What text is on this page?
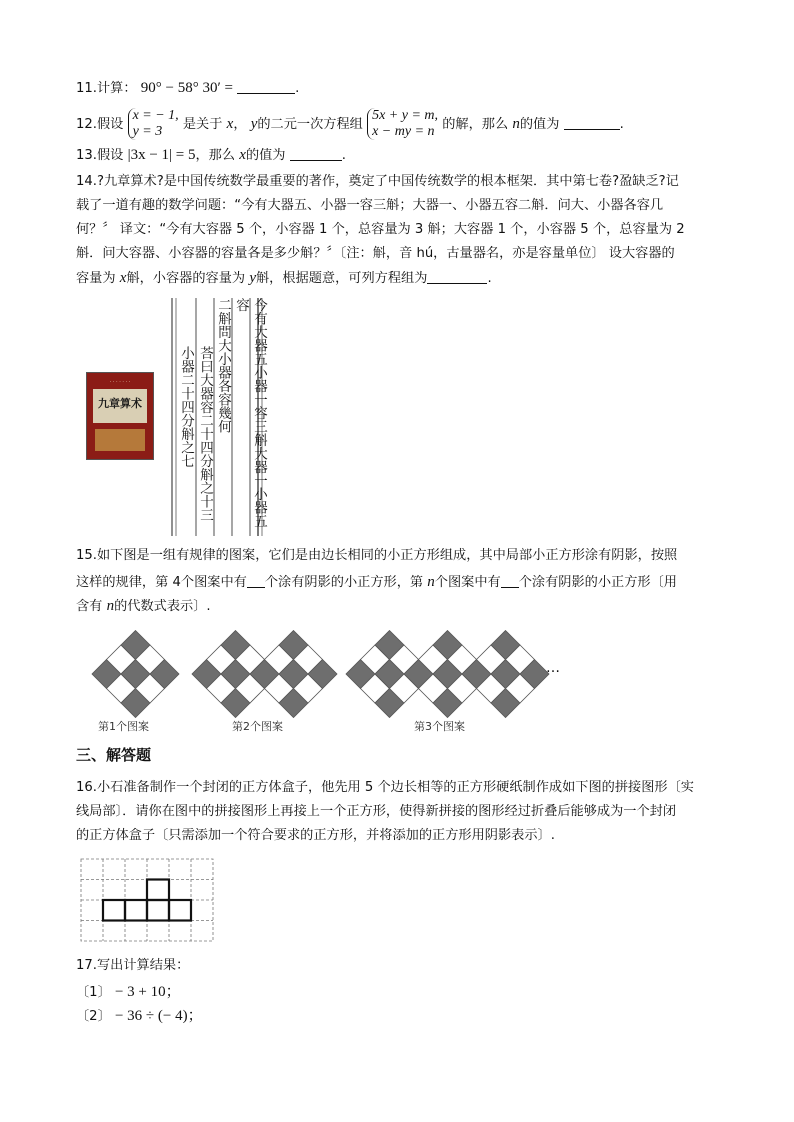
11.计算： 90° − 58° 30′ =	.
12.假设
x = − 1,
y = 3	是关于 x， y的二元一次方程组
5x + y = m,
x − my = n 的解，那么 n的值为	.
13.假设 |3x − 1| = 5，那么 x的值为	.
14.?九章算术?是中国传统数学最重要的著作，奠定了中国传统数学的根本框架．其中第七卷?盈缺乏?记
载了一道有趣的数学问题：“今有大器五、小器一容三斛；大器一、小器五容二斛．问大、小器各容几
何？〞 译文：“今有大容器 5 个，小容器 1 个，总容量为 3 斛；大容器 1 个，小容器 5 个，总容量为 2
斛．问大容器、小容器的容量各是多少斛？〞〔注：斛，音 hú，古量器名，亦是容量单位〕 设大容器的
容量为 x斛，小容器的容量为 y斛，根据题意，可列方程组为	.
· · · · · · ·
九章算术	今有大器五小器一容三斛大器一小器五容
二斛問大小器各容幾何
荅曰大器容二十四分斛之十三
小器二十四分斛之七
15.如下图是一组有规律的图案，它们是由边长相同的小正方形组成，其中局部小正方形涂有阴影，按照
这样的规律，第 4个图案中有 个涂有阴影的小正方形，第 n个图案中有 个涂有阴影的小正方形〔用
含有 n的代数式表示〕.
第1个图案	第2个图案	第3个图案
…
三、解答题
16.小石准备制作一个封闭的正方体盒子，他先用 5 个边长相等的正方形硬纸制作成如下图的拼接图形〔实
线局部〕．请你在图中的拼接图形上再接上一个正方形，使得新拼接的图形经过折叠后能够成为一个封闭
的正方体盒子〔只需添加一个符合要求的正方形，并将添加的正方形用阴影表示〕.
17.写出计算结果：
〔1〕 − 3 + 10；
〔2〕 − 36 ÷ (− 4)；
